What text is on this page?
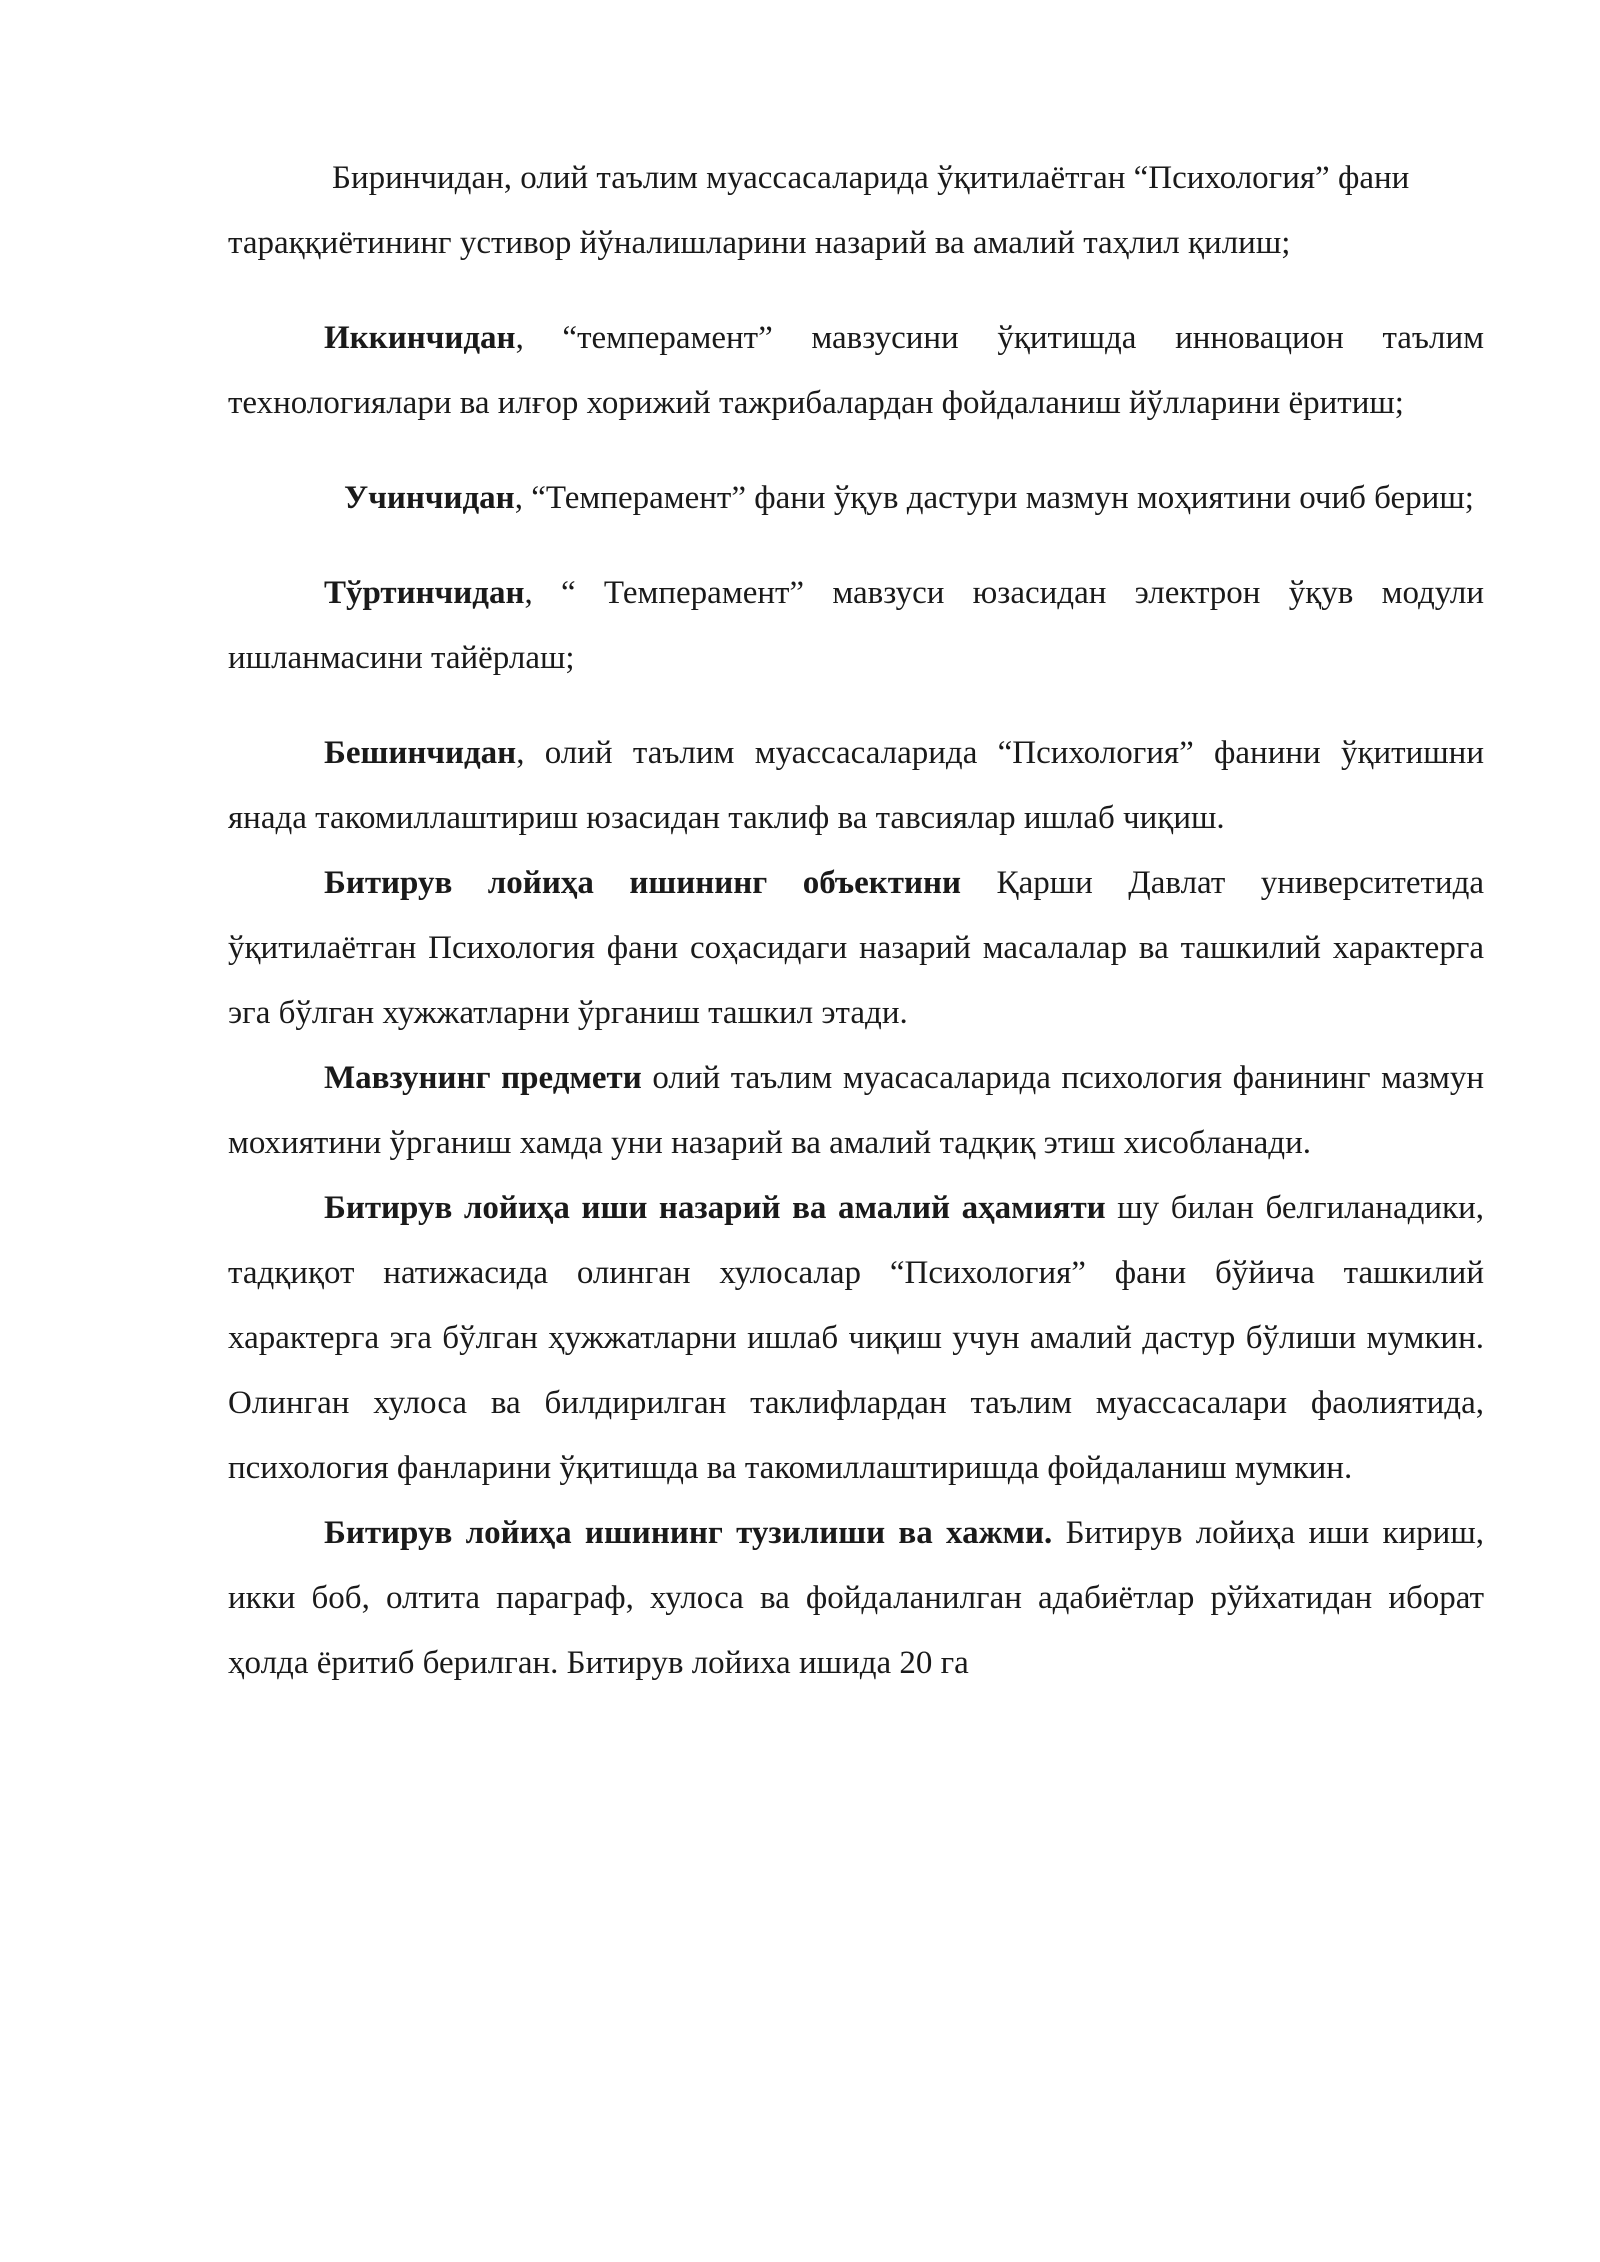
Биринчидан, олий таълим муассасаларида ўқитилаётган “Психология” фани тараққиётининг устивор йўналишларини назарий ва амалий таҳлил қилиш;

Иккинчидан, “темперамент” мавзусини ўқитишда инновацион таълим технологиялари ва илғор хорижий тажрибалардан фойдаланиш йўлларини ёритиш;

Учинчидан, “Темперамент” фани ўқув дастури мазмун моҳиятини очиб бериш;

Тўртинчидан, “ Темперамент” мавзуси юзасидан электрон ўқув модули ишланмасини тайёрлаш;

Бешинчидан, олий таълим муассасаларида “Психология” фанини ўқитишни янада такомиллаштириш юзасидан таклиф ва тавсиялар ишлаб чиқиш.

Битирув лойиҳа ишининг объектини Қарши Давлат университетида ўқитилаётган Психология фани соҳасидаги назарий масалалар ва ташкилий характерга эга бўлган хужжатларни ўрганиш ташкил этади.

Мавзунинг предмети олий таълим муасасаларида психология фанининг мазмун мохиятини ўрганиш хамда уни назарий ва амалий тадқиқ этиш хисобланади.

Битирув лойиҳа иши назарий ва амалий аҳамияти шу билан белгиланадики, тадқиқот натижасида олинган хулосалар “Психология” фани бўйича ташкилий характерга эга бўлган ҳужжатларни ишлаб чиқиш учун амалий дастур бўлиши мумкин. Олинган хулоса ва билдирилган таклифлардан таълим муассасалари фаолиятида, психология фанларини ўқитишда ва такомиллаштиришда фойдаланиш мумкин.

Битирув лойиҳа ишининг тузилиши ва хажми. Битирув лойиҳа иши кириш, икки боб, олтита параграф, хулоса ва фойдаланилган адабиётлар рўйхатидан иборат ҳолда ёритиб берилган. Битирув лойиха ишида 20 га
